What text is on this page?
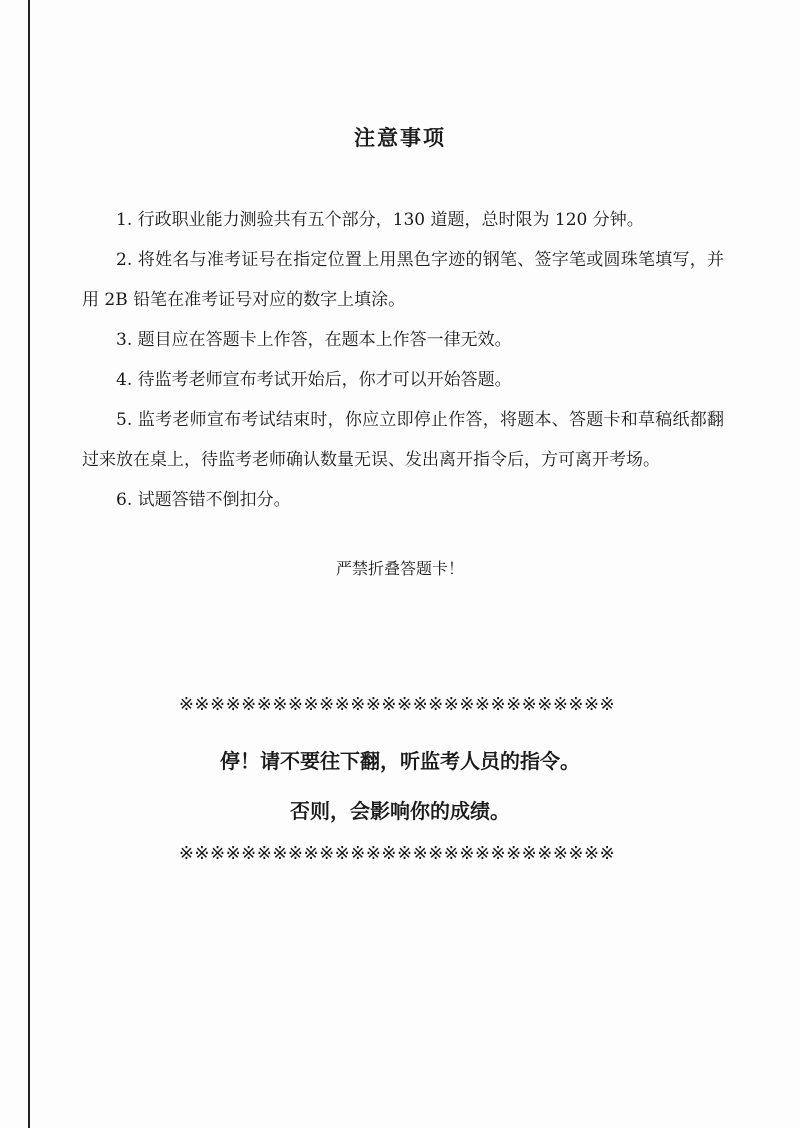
注意事项

1. 行政职业能力测验共有五个部分，130 道题，总时限为 120 分钟。

2. 将姓名与准考证号在指定位置上用黑色字迹的钢笔、签字笔或圆珠笔填写，并用 2B 铅笔在准考证号对应的数字上填涂。

3. 题目应在答题卡上作答，在题本上作答一律无效。

4. 待监考老师宣布考试开始后，你才可以开始答题。

5. 监考老师宣布考试结束时，你应立即停止作答，将题本、答题卡和草稿纸都翻过来放在桌上，待监考老师确认数量无误、发出离开指令后，方可离开考场。

6. 试题答错不倒扣分。

严禁折叠答题卡！
※※※※※※※※※※※※※※※※※※※※※※※※※※※※
停！请不要往下翻，听监考人员的指令。
否则，会影响你的成绩。
※※※※※※※※※※※※※※※※※※※※※※※※※※※※
